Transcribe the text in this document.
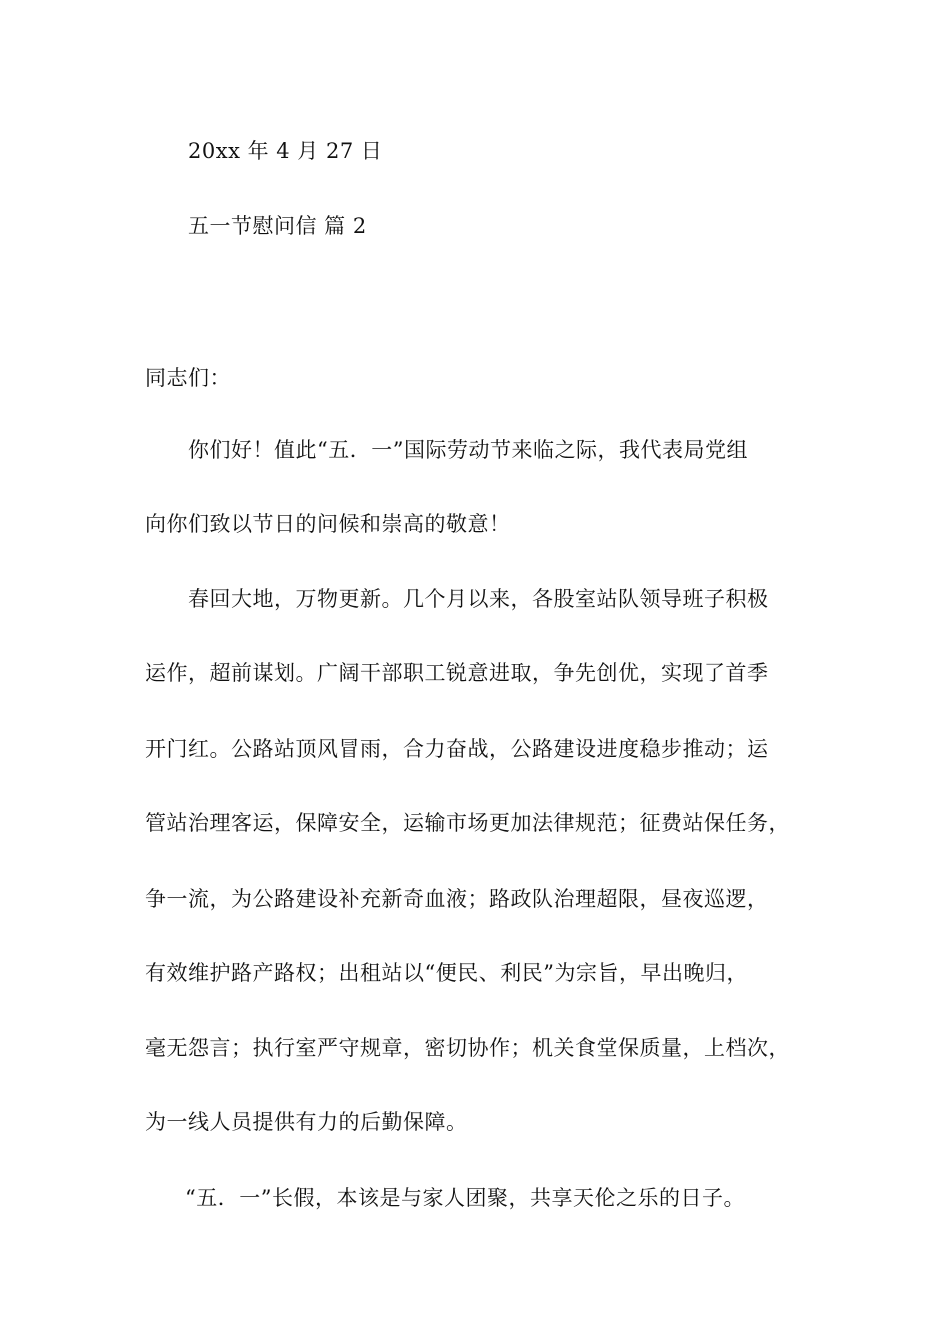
20xx 年 4 月 27 日
五一节慰问信 篇 2
同志们：
你们好！值此“五．一”国际劳动节来临之际，我代表局党组
向你们致以节日的问候和崇高的敬意！
春回大地，万物更新。几个月以来，各股室站队领导班子积极
运作，超前谋划。广阔干部职工锐意进取，争先创优，实现了首季
开门红。公路站顶风冒雨，合力奋战，公路建设进度稳步推动；运
管站治理客运，保障安全，运输市场更加法律规范；征费站保任务，
争一流，为公路建设补充新奇血液；路政队治理超限，昼夜巡逻，
有效维护路产路权；出租站以“便民、利民”为宗旨，早出晚归，
毫无怨言；执行室严守规章，密切协作；机关食堂保质量，上档次，
为一线人员提供有力的后勤保障。
“五．一”长假，本该是与家人团聚，共享天伦之乐的日子。
